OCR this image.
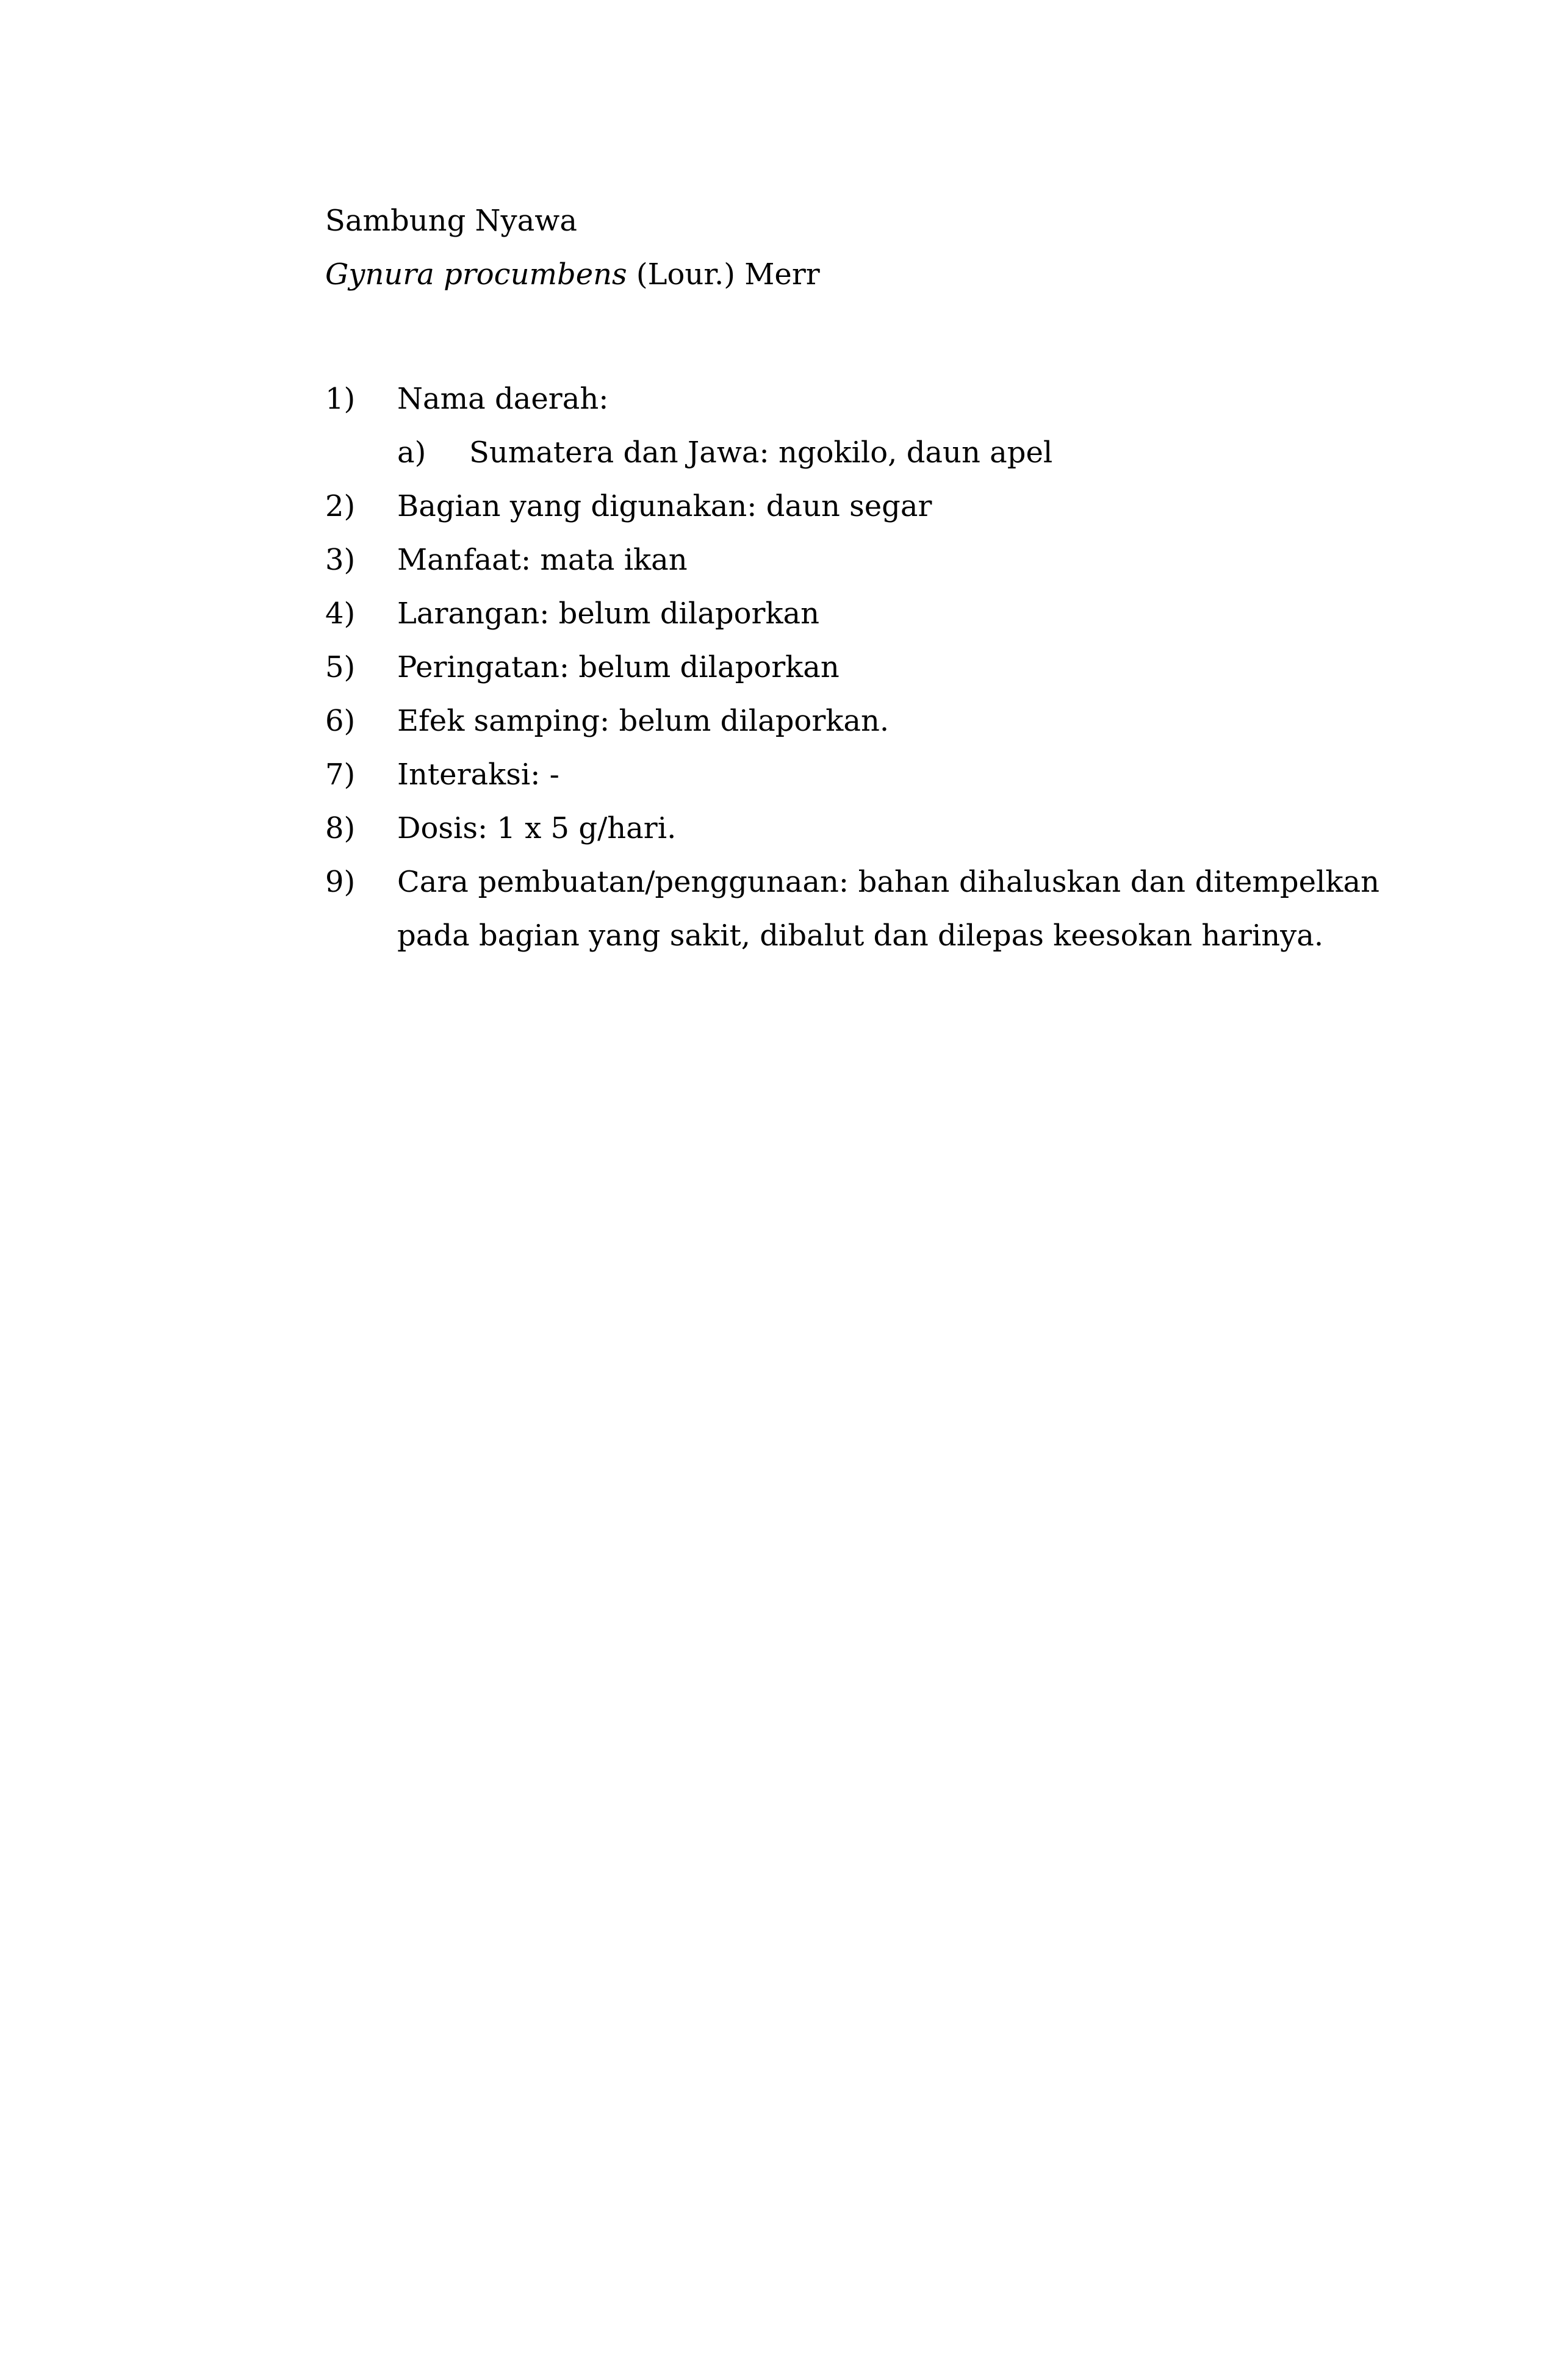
Sambung Nyawa
Gynura procumbens (Lour.) Merr
1)	Nama daerah:
a)	Sumatera dan Jawa: ngokilo, daun apel
2)	Bagian yang digunakan: daun segar
3)	Manfaat: mata ikan
4)	Larangan: belum dilaporkan
5)	Peringatan: belum dilaporkan
6)	Efek samping: belum dilaporkan.
7)	Interaksi: -
8)	Dosis: 1 x 5 g/hari.
9)	Cara pembuatan/penggunaan: bahan dihaluskan dan ditempelkan pada bagian yang sakit, dibalut dan dilepas keesokan harinya.
